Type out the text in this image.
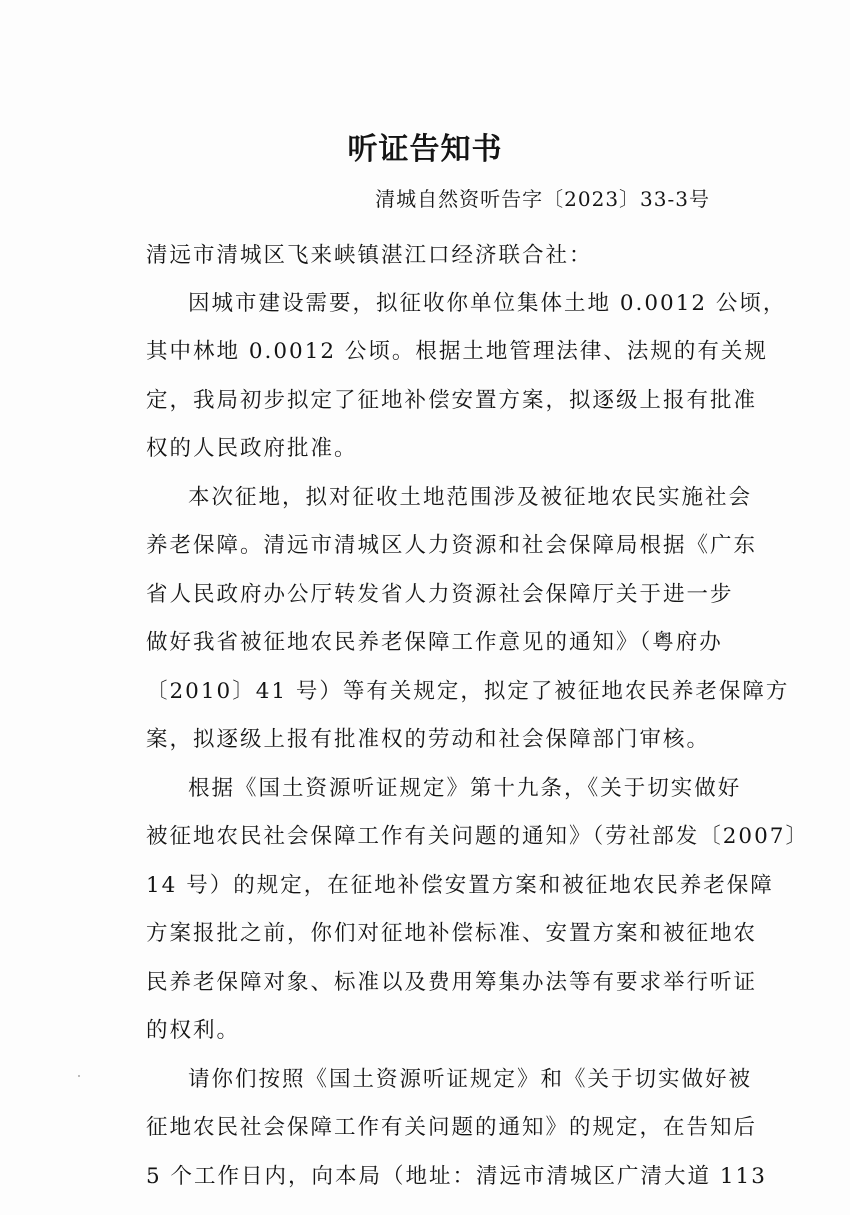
听证告知书
清城自然资听告字〔2023〕33-3号
清远市清城区飞来峡镇湛江口经济联合社：
因城市建设需要，拟征收你单位集体土地 0.0012 公顷，
其中林地 0.0012 公顷。根据土地管理法律、法规的有关规
定，我局初步拟定了征地补偿安置方案，拟逐级上报有批准
权的人民政府批准。
本次征地，拟对征收土地范围涉及被征地农民实施社会
养老保障。清远市清城区人力资源和社会保障局根据《广东
省人民政府办公厅转发省人力资源社会保障厅关于进一步
做好我省被征地农民养老保障工作意见的通知》（粤府办
〔2010〕41 号）等有关规定，拟定了被征地农民养老保障方
案，拟逐级上报有批准权的劳动和社会保障部门审核。
根据《国土资源听证规定》第十九条，《关于切实做好
被征地农民社会保障工作有关问题的通知》（劳社部发〔2007〕
14 号）的规定，在征地补偿安置方案和被征地农民养老保障
方案报批之前，你们对征地补偿标准、安置方案和被征地农
民养老保障对象、标准以及费用筹集办法等有要求举行听证
的权利。
请你们按照《国土资源听证规定》和《关于切实做好被
征地农民社会保障工作有关问题的通知》的规定，在告知后
5 个工作日内，向本局（地址：清远市清城区广清大道 113
